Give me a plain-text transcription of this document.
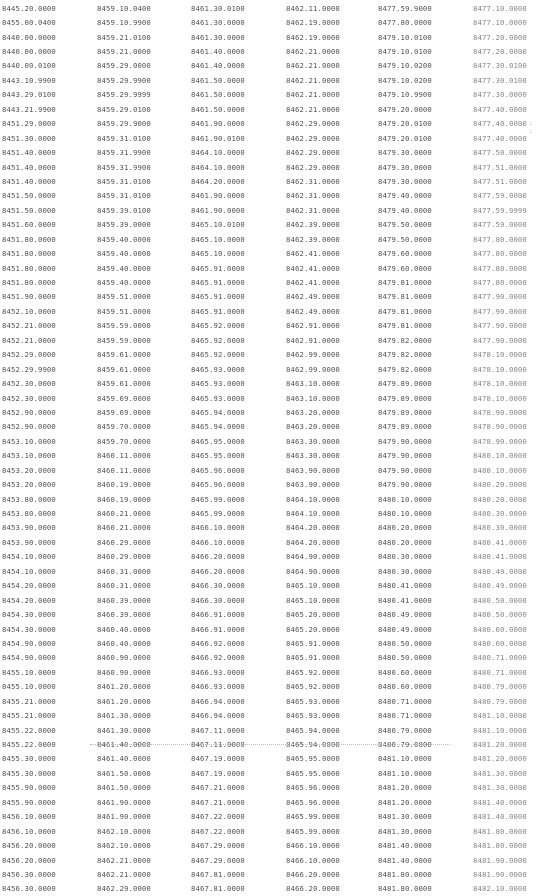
8445.20.0000	8459.10.0400	8461.30.0100	8462.11.0000	8477.59.9000	8477.10.0000
8455.00.0400	8459.10.9900	8461.30.0000	8462.19.0000	8477.80.0000	8477.10.0000
8440.00.0000	8459.21.0100	8461.30.0000	8462.19.0000	8479.10.0100	8477.20.0000
8440.00.0000	8459.21.0000	8461.40.0000	8462.21.0000	8479.10.0100	8477.20.0000
8440.00.0100	8459.29.0000	8461.40.0000	8462.21.0000	8479.10.0200	8477.30.0100
8443.10.9900	8459.29.9900	8461.50.0000	8462.21.0000	8479.10.0200	8477.30.0100
8443.29.0100	8459.29.9999	8461.50.0000	8462.21.0000	8479.10.9900	8477.30.0000
8443.21.9900	8459.29.0100	8461.50.0000	8462.21.0000	8479.20.0000	8477.40.0000
8451.29.0000	8459.29.9000	8461.90.0000	8462.29.0000	8479.20.0100	8477.40.0000
8451.30.0000	8459.31.0100	8461.90.0100	8462.29.0000	8479.20.0100	8477.40.0000
8451.40.0000	8459.31.9900	8464.10.0000	8462.29.0000	8479.30.0000	8477.50.0000
8451.40.0000	8459.31.9900	8464.10.0000	8462.29.0000	8479.30.0000	8477.51.0000
8451.40.0000	8459.31.0100	8464.20.0000	8462.31.0000	8479.30.0000	8477.51.0000
8451.50.0000	8459.31.0100	8461.90.0000	8462.31.0000	8479.40.0000	8477.59.0000
8451.50.0000	8459.39.0100	8461.90.0000	8462.31.0000	8479.40.0000	8477.59.9999
8451.60.0000	8459.39.0000	8465.10.0100	8462.39.0000	8479.50.0000	8477.59.0000
8451.80.0000	8459.40.0000	8465.10.0000	8462.39.0000	8479.50.0000	8477.80.0000
8451.80.0000	8459.40.0000	8465.10.0000	8462.41.0000	8479.60.0000	8477.80.0000
8451.80.0000	8459.40.0000	8465.91.0000	8462.41.0000	8479.60.0000	8477.80.0000
8451.80.0000	8459.40.0000	8465.91.0000	8462.41.0000	8479.81.0000	8477.80.0000
8451.90.0000	8459.51.0000	8465.91.0000	8462.49.0000	8479.81.0000	8477.90.0000
8452.10.0000	8459.51.0000	8465.91.0000	8462.49.0000	8479.81.0000	8477.90.0000
8452.21.0000	8459.59.0000	8465.92.0000	8462.91.0000	8479.81.0000	8477.90.0000
8452.21.0000	8459.59.0000	8465.92.0000	8462.91.0000	8479.82.0000	8477.90.0000
8452.29.0000	8459.61.0000	8465.92.0000	8462.99.0000	8479.82.0000	8478.10.0000
8452.29.9900	8459.61.0000	8465.93.0000	8462.99.0000	8479.82.0000	8478.10.0000
8452.30.0000	8459.61.0000	8465.93.0000	8463.10.0000	8479.89.0000	8478.10.0000
8452.30.0000	8459.69.0000	8465.93.0000	8463.10.0000	8479.89.0000	8478.10.0000
8452.90.0000	8459.69.0000	8465.94.0000	8463.20.0000	8479.89.0000	8478.90.0000
8452.90.0000	8459.70.0000	8465.94.0000	8463.20.0000	8479.89.0000	8478.90.0000
8453.10.0000	8459.70.0000	8465.95.0000	8463.30.0000	8479.90.0000	8478.90.0000
8453.10.0000	8460.11.0000	8465.95.0000	8463.30.0000	8479.90.0000	8480.10.0000
8453.20.0000	8460.11.0000	8465.96.0000	8463.90.0000	8479.90.0000	8480.10.0000
8453.20.0000	8460.19.0000	8465.96.0000	8463.90.0000	8479.90.0000	8480.20.0000
8453.80.0000	8460.19.0000	8465.99.0000	8464.10.0000	8480.10.0000	8480.20.0000
8453.80.0000	8460.21.0000	8465.99.0000	8464.10.0000	8480.10.0000	8480.30.0000
8453.90.0000	8460.21.0000	8466.10.0000	8464.20.0000	8480.20.0000	8480.30.0000
8453.90.0000	8460.29.0000	8466.10.0000	8464.20.0000	8480.20.0000	8480.41.0000
8454.10.0000	8460.29.0000	8466.20.0000	8464.90.0000	8480.30.0000	8480.41.0000
8454.10.0000	8460.31.0000	8466.20.0000	8464.90.0000	8480.30.0000	8480.49.0000
8454.20.0000	8460.31.0000	8466.30.0000	8465.10.0000	8480.41.0000	8480.49.0000
8454.20.0000	8460.39.0000	8466.30.0000	8465.10.0000	8480.41.0000	8480.50.0000
8454.30.0000	8460.39.0000	8466.91.0000	8465.20.0000	8480.49.0000	8480.50.0000
8454.30.0000	8460.40.0000	8466.91.0000	8465.20.0000	8480.49.0000	8480.60.0000
8454.90.0000	8460.40.0000	8466.92.0000	8465.91.0000	8480.50.0000	8480.60.0000
8454.90.0000	8460.90.0000	8466.92.0000	8465.91.0000	8480.50.0000	8480.71.0000
8455.10.0000	8460.90.0000	8466.93.0000	8465.92.0000	8480.60.0000	8480.71.0000
8455.10.0000	8461.20.0000	8466.93.0000	8465.92.0000	8480.60.0000	8480.79.0000
8455.21.0000	8461.20.0000	8466.94.0000	8465.93.0000	8480.71.0000	8480.79.0000
8455.21.0000	8461.30.0000	8466.94.0000	8465.93.0000	8480.71.0000	8481.10.0000
8455.22.0000	8461.30.0000	8467.11.0000	8465.94.0000	8480.79.0000	8481.10.0000
8455.22.0000	8461.40.0000	8467.11.0000	8465.94.0000	8480.79.0000	8481.20.0000
8455.30.0000	8461.40.0000	8467.19.0000	8465.95.0000	8481.10.0000	8481.20.0000
8455.30.0000	8461.50.0000	8467.19.0000	8465.95.0000	8481.10.0000	8481.30.0000
8455.90.0000	8461.50.0000	8467.21.0000	8465.96.0000	8481.20.0000	8481.30.0000
8455.90.0000	8461.90.0000	8467.21.0000	8465.96.0000	8481.20.0000	8481.40.0000
8456.10.0000	8461.90.0000	8467.22.0000	8465.99.0000	8481.30.0000	8481.40.0000
8456.10.0000	8462.10.0000	8467.22.0000	8465.99.0000	8481.30.0000	8481.80.0000
8456.20.0000	8462.10.0000	8467.29.0000	8466.10.0000	8481.40.0000	8481.80.0000
8456.20.0000	8462.21.0000	8467.29.0000	8466.10.0000	8481.40.0000	8481.90.0000
8456.30.0000	8462.21.0000	8467.81.0000	8466.20.0000	8481.80.0000	8481.90.0000
8456.30.0000	8462.29.0000	8467.81.0000	8466.20.0000	8481.80.0000	8482.10.0000
:
:
